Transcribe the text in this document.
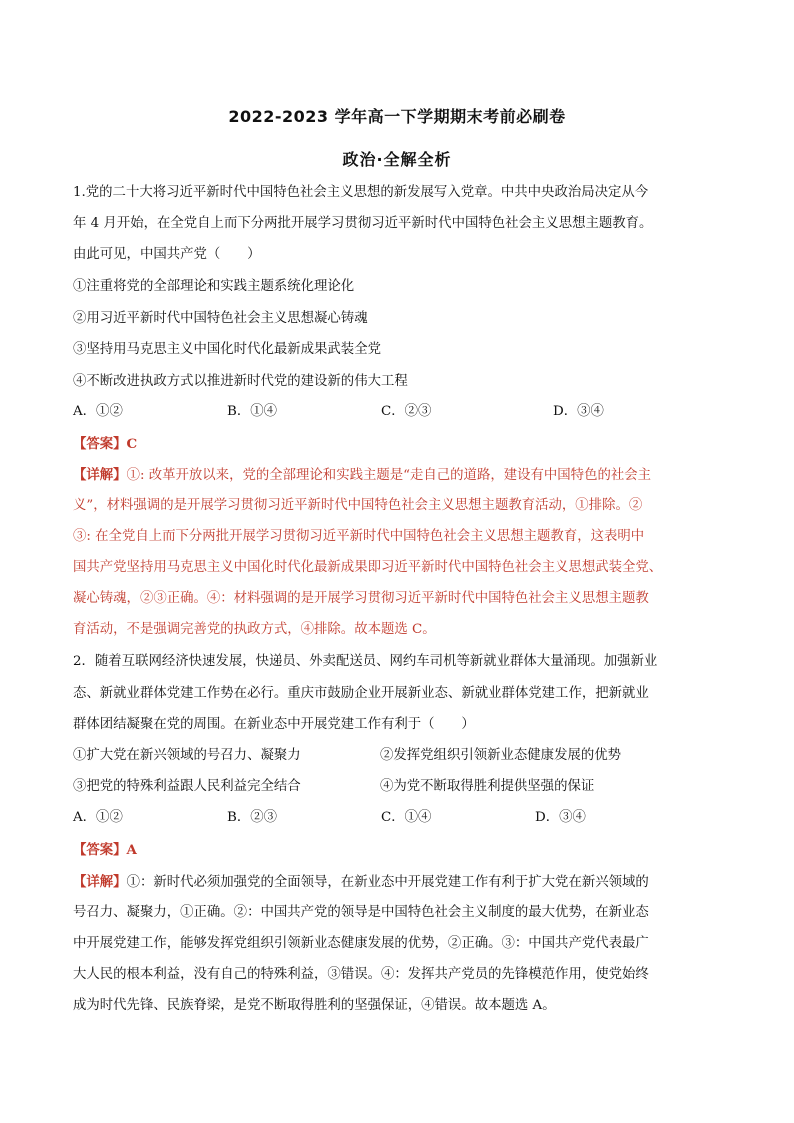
2022-2023 学年高一下学期期末考前必刷卷
政治·全解全析
1.党的二十大将习近平新时代中国特色社会主义思想的新发展写入党章。中共中央政治局决定从今
年 4 月开始，在全党自上而下分两批开展学习贯彻习近平新时代中国特色社会主义思想主题教育。
由此可见，中国共产党（　　）
①注重将党的全部理论和实践主题系统化理论化
②用习近平新时代中国特色社会主义思想凝心铸魂
③坚持用马克思主义中国化时代化最新成果武装全党
④不断改进执政方式以推进新时代党的建设新的伟大工程
A．①②	B．①④	C．②③	D．③④
【答案】C
【详解】①: 改革开放以来，党的全部理论和实践主题是“走自己的道路，建设有中国特色的社会主
义”，材料强调的是开展学习贯彻习近平新时代中国特色社会主义思想主题教育活动，①排除。②
③: 在全党自上而下分两批开展学习贯彻习近平新时代中国特色社会主义思想主题教育，这表明中
国共产党坚持用马克思主义中国化时代化最新成果即习近平新时代中国特色社会主义思想武装全党、
凝心铸魂，②③正确。④：材料强调的是开展学习贯彻习近平新时代中国特色社会主义思想主题教
育活动，不是强调完善党的执政方式，④排除。故本题选 C。
2．随着互联网经济快速发展，快递员、外卖配送员、网约车司机等新就业群体大量涌现。加强新业
态、新就业群体党建工作势在必行。重庆市鼓励企业开展新业态、新就业群体党建工作，把新就业
群体团结凝聚在党的周围。在新业态中开展党建工作有利于（　　）
①扩大党在新兴领域的号召力、凝聚力	②发挥党组织引领新业态健康发展的优势
③把党的特殊利益跟人民利益完全结合	④为党不断取得胜利提供坚强的保证
A．①②	B．②③	C．①④	D．③④
【答案】A
【详解】①：新时代必须加强党的全面领导，在新业态中开展党建工作有利于扩大党在新兴领域的
号召力、凝聚力，①正确。②：中国共产党的领导是中国特色社会主义制度的最大优势，在新业态
中开展党建工作，能够发挥党组织引领新业态健康发展的优势，②正确。③：中国共产党代表最广
大人民的根本利益，没有自己的特殊利益，③错误。④：发挥共产党员的先锋模范作用，使党始终
成为时代先锋、民族脊梁，是党不断取得胜利的坚强保证，④错误。故本题选 A。
